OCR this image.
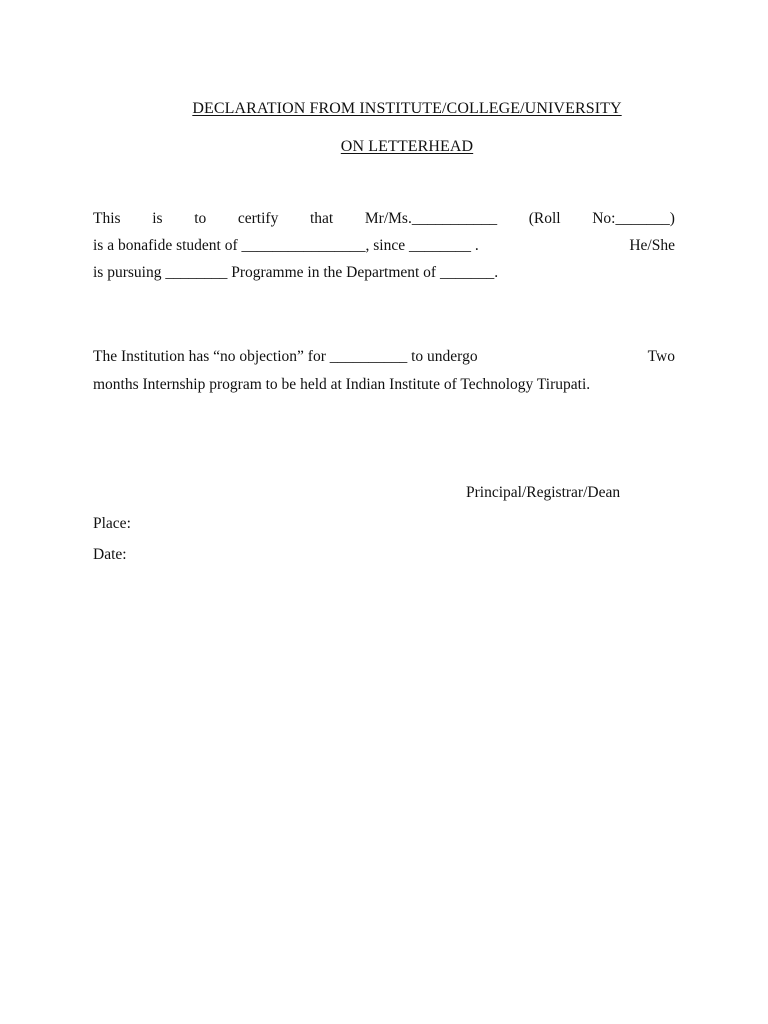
DECLARATION FROM INSTITUTE/COLLEGE/UNIVERSITY
ON LETTERHEAD
This is to certify that Mr/Ms.___________ (Roll No:_______)
is a bonafide student of ________________, since ________ .	He/She
is pursuing ________ Programme in the Department of _______.
The Institution has “no objection” for __________ to undergo	Two
months Internship program to be held at Indian Institute of Technology Tirupati.
Principal/Registrar/Dean
Place:
Date:
